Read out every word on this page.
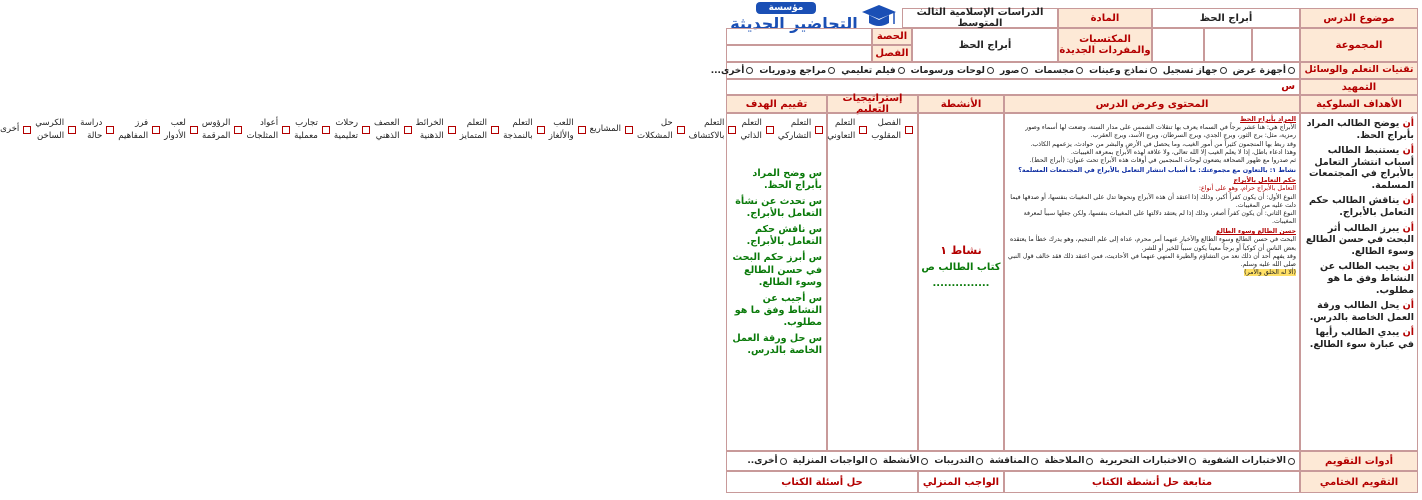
مؤسسة
التحاضير الحديثة	موضوع الدرس
أبراج الحظ
المادة
الدراسات الإسلامية الثالث المتوسط
المجموعة
المكتسبات والمفردات الجديدة
أبراج الحظ
الحصة
الفصل
تقنيات التعلم والوسائل
أجهزة عرض
جهاز تسجيل
نماذج وعينات
مجسمات
صور
لوحات ورسومات
فيلم تعليمي
مراجع ودوريات
أخرى...
التمهيد
س
الأهداف السلوكية
المحتوى وعرض الدرس
الأنشطة
إستراتيجيات التعليم
تقييم الهدف

أن يوضح الطالب المراد بأبراج الحظ.

أن يستنبط الطالب أسباب انتشار التعامل بالأبراج في المجتمعات المسلمة.

أن يناقش الطالب حكم التعامل بالأبراج.

أن يبرز الطالب أثر البحث في حسن الطالع وسوء الطالع.

أن يجيب الطالب عن النشاط وفق ما هو مطلوب.

أن يحل الطالب ورقة العمل الخاصة بالدرس.

أن يبدي الطالب رأيها في عبارة سوء الطالع.

المراد بأبراج الحظ
الأبراج هي: هنا عشر برجاً في السماء يعرف بها تنقلات الشمس على مدار السنة، وضعت لها أسماء وصور رمزية، مثل: برج الثور، وبرج الجدي، وبرج السرطان، وبرج الأسد، وبرج العقرب.
وقد ربط بها المنجمون كثيراً من أمور الغيب، وما يحصل في الأرض والبشر من حوادث، يزعمهم الكاذب.
وهذا ادعاء باطل، إذا لا يعلم الغيب إلا الله تعالى، ولا علاقة لهذه الأبراج بمعرفة الغيبيات.
ثم صدروا مع ظهور الصحافة يضعون لوحات المنجمين في أوقات هذه الأبراج تحت عنوان: (أبراج الحظ).
نشاط ١: بالتعاون مع مجموعتك: ما أسباب انتشار التعامل بالأبراج في المجتمعات المسلمة؟
حكم التعامل بالأبراج
التعامل بالأبراج حرام، وهو على أنواع:
النوع الأول: أن يكون كفراً أكبر، وذلك إذا اعتقد أن هذه الأبراج ونحوها تدل على المغيبات بنفسها، أو صدقها فيما دلت عليه من المغيبات.
النوع الثاني: أن يكون كفراً أصغر، وذلك إذا لم يعتقد دلالتها على المغيبات بنفسها، ولكن جعلها سبباً لمعرفة المغيبات.
حسن الطالع وسوء الطالع
البحث في حسن الطالع وسوء الطالع والأخبار عنهما أمر محرم، عداه إلى علم التنجيم، وهو يدرك خطأ ما يعتقده بعض الناس أن كوكباً أو برجاً معيناً يكون سبباً للخير أو للشر.
وقد يفهم أحد أن ذلك نعد من التشاؤم والطيرة المنهي عنهما في الأحاديث، فمن اعتقد ذلك فقد خالف قول النبي صلى الله عليه وسلم.
(ألا له الخلق والأمر)
نشاط ١
كتاب الطالب ص
...............
الفصل المقلوب
التعلم التعاوني
التعلم التشاركي
التعلم الذاتي
التعلم بالاكتشاف
حل المشكلات
المشاريع
اللعب والألغاز
التعلم بالنمذجة
التعلم المتمايز
الخرائط الذهنية
العصف الذهني
رحلات تعليمية
تجارب معملية
أعواد المثلجات
الرؤوس المرقمة
لعب الأدوار
فرز المفاهيم
دراسة حالة
الكرسي الساخن
أخرى

س وضح المراد بأبراج الحظ.

س تحدث عن نشأة التعامل بالأبراج.

س ناقش حكم التعامل بالأبراج.

س أبرز حكم البحث في حسن الطالع وسوء الطالع.

س أجيب عن النشاط وفق ما هو مطلوب.

س حل ورقة العمل الخاصة بالدرس.

أدوات التقويم
الاختبارات الشفوية
الاختبارات التحريرية
الملاحظة
المناقشة
التدريبات
الأنشطة
الواجبات المنزلية
أخرى..
التقويم الختامي
متابعة حل أنشطة الكتاب
الواجب المنزلي
حل أسئلة الكتاب
